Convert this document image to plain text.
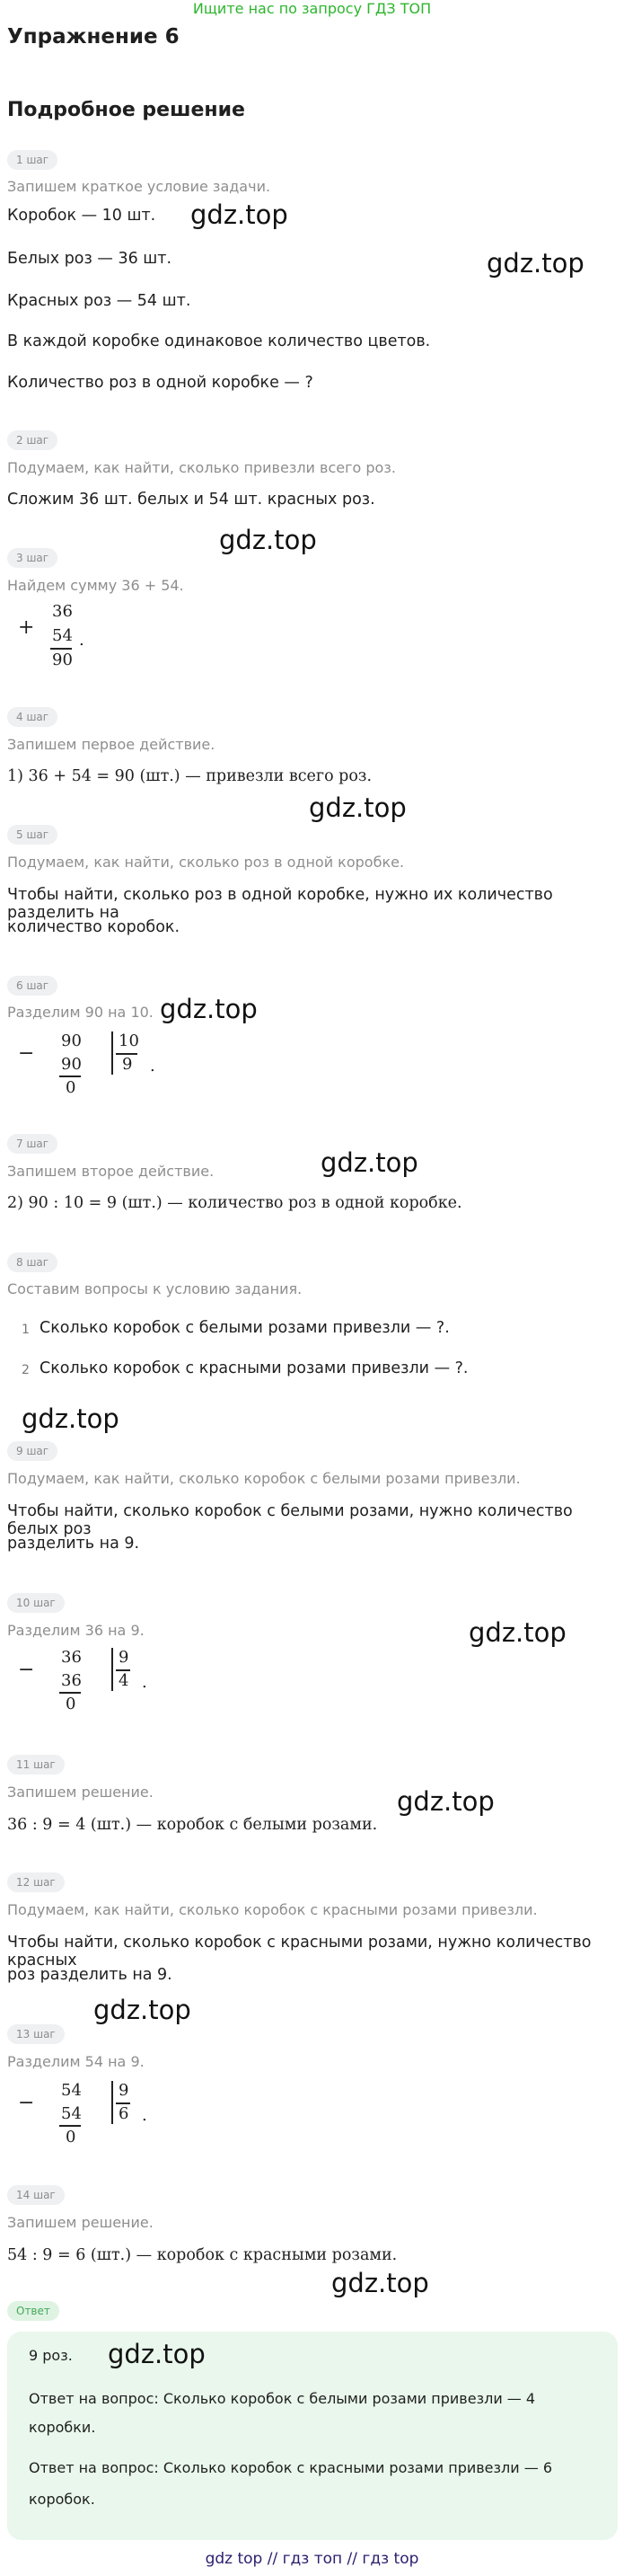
Ищите нас по запросу ГДЗ ТОП
Упражнение 6
Подробное решение
1 шаг
Запишем краткое условие задачи.
Коробок — 10 шт.
Белых роз — 36 шт.
Красных роз — 54 шт.
В каждой коробке одинаковое количество цветов.
Количество роз в одной коробке — ?
2 шаг
Подумаем, как найти, сколько привезли всего роз.
Сложим 36 шт. белых и 54 шт. красных роз.
3 шаг
Найдем сумму 36 + 54.
+
36
54 .
90
4 шаг
Запишем первое действие.
1) 36 + 54 = 90 (шт.) — привезли всего роз.
5 шаг
Подумаем, как найти, сколько роз в одной коробке.
Чтобы найти, сколько роз в одной коробке, нужно их количество разделить на
количество коробок.
6 шаг
Разделим 90 на 10.
−
90
90
0
10
9 .
7 шаг
Запишем второе действие.
2) 90 : 10 = 9 (шт.) — количество роз в одной коробке.
8 шаг
Составим вопросы к условию задания.
1 Сколько коробок с белыми розами привезли — ?.
2 Сколько коробок с красными розами привезли — ?.
9 шаг
Подумаем, как найти, сколько коробок с белыми розами привезли.
Чтобы найти, сколько коробок с белыми розами, нужно количество белых роз
разделить на 9.
10 шаг
Разделим 36 на 9.
−
36
36
0
9
4 .
11 шаг
Запишем решение.
36 : 9 = 4 (шт.) — коробок с белыми розами.
12 шаг
Подумаем, как найти, сколько коробок с красными розами привезли.
Чтобы найти, сколько коробок с красными розами, нужно количество красных
роз разделить на 9.
13 шаг
Разделим 54 на 9.
−
54
54
0
9
6 .
14 шаг
Запишем решение.
54 : 9 = 6 (шт.) — коробок с красными розами.
Ответ
9 роз.
Ответ на вопрос: Сколько коробок с белыми розами привезли — 4
коробки.
Ответ на вопрос: Сколько коробок с красными розами привезли — 6
коробок.
gdz.top
gdz.top
gdz.top
gdz.top
gdz.top
gdz.top
gdz.top
gdz.top
gdz.top
gdz.top
gdz.top
gdz.top
gdz top // гдз топ // гдз top
